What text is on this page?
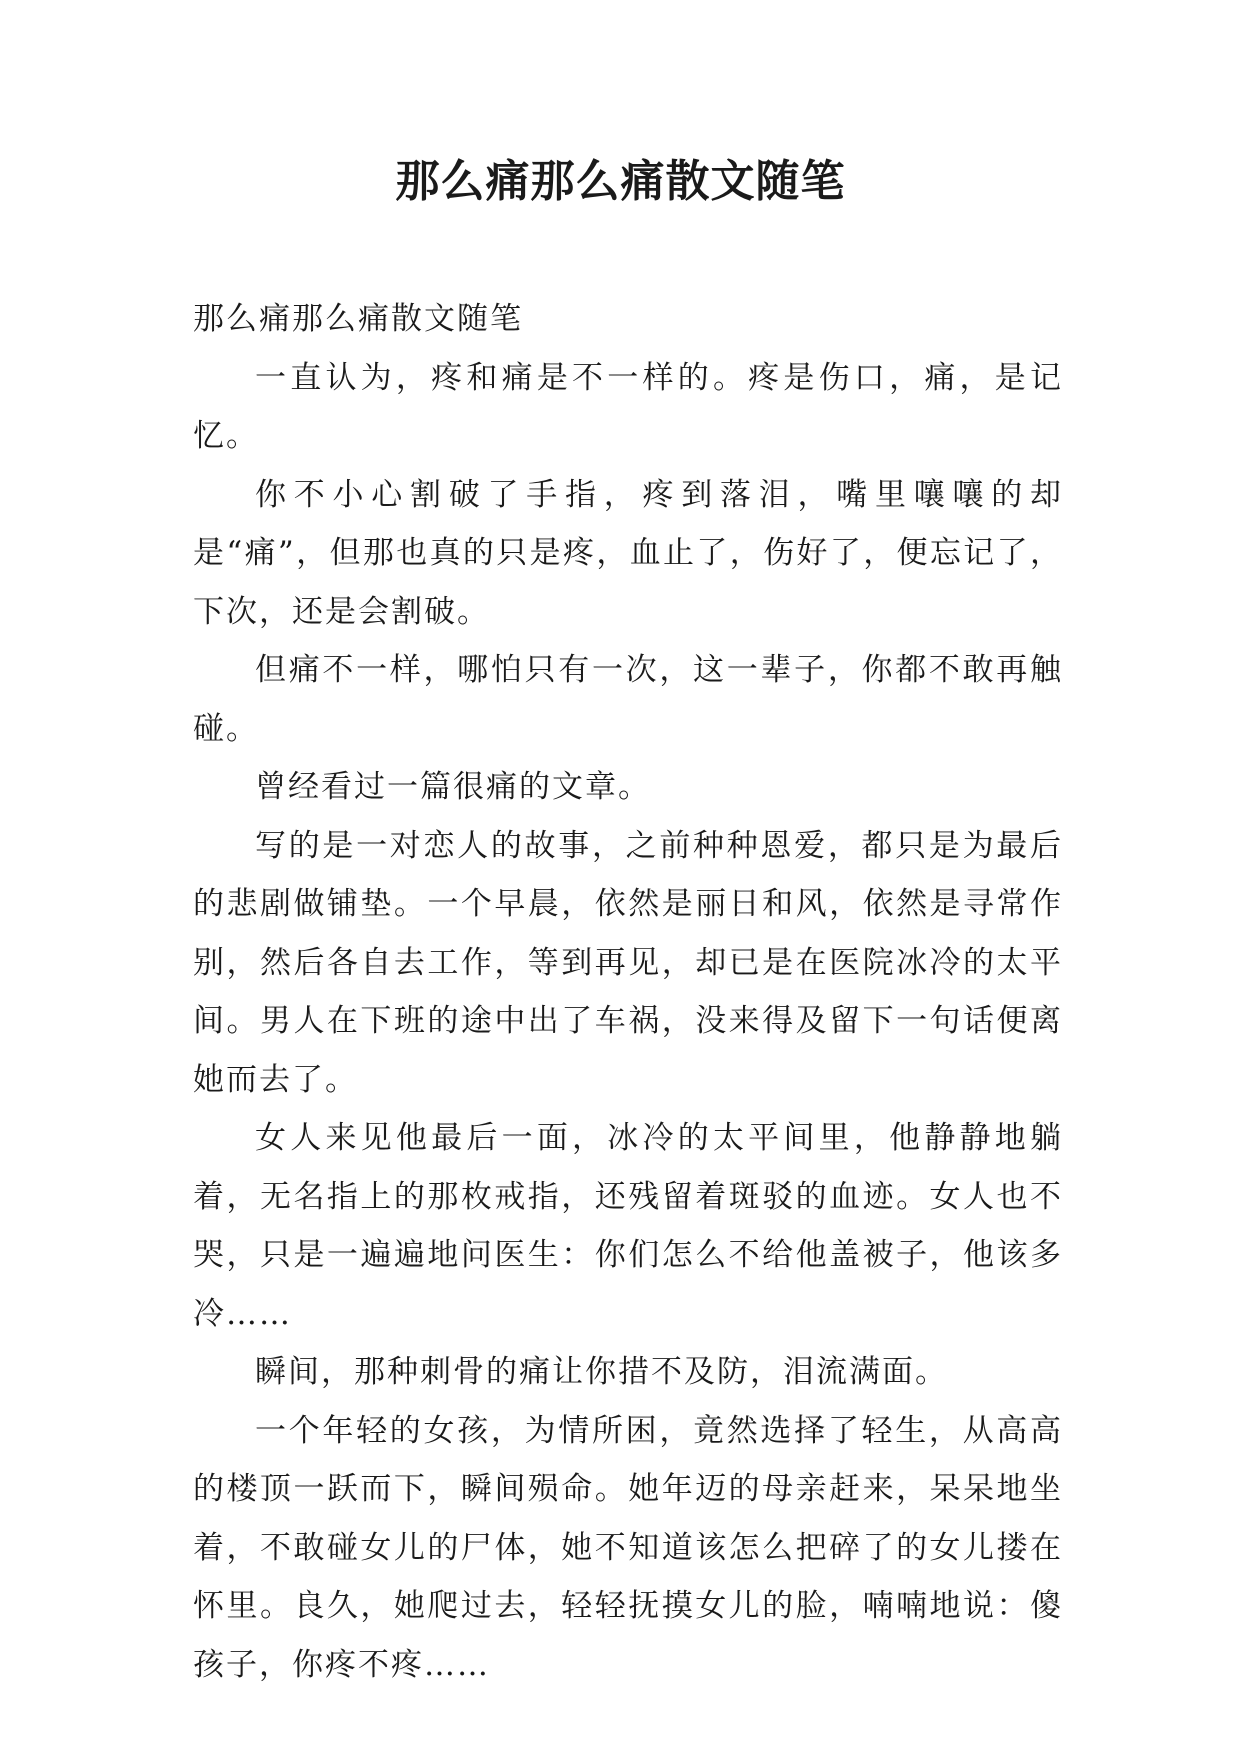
那么痛那么痛散文随笔

那么痛那么痛散文随笔

一直认为，疼和痛是不一样的。疼是伤口，痛，是记忆。

你不小心割破了手指，疼到落泪，嘴里嚷嚷的却是“痛”，但那也真的只是疼，血止了，伤好了，便忘记了，下次，还是会割破。

但痛不一样，哪怕只有一次，这一辈子，你都不敢再触碰。

曾经看过一篇很痛的文章。

写的是一对恋人的故事，之前种种恩爱，都只是为最后的悲剧做铺垫。一个早晨，依然是丽日和风，依然是寻常作别，然后各自去工作，等到再见，却已是在医院冰冷的太平间。男人在下班的途中出了车祸，没来得及留下一句话便离她而去了。

女人来见他最后一面，冰冷的太平间里，他静静地躺着，无名指上的那枚戒指，还残留着斑驳的血迹。女人也不哭，只是一遍遍地问医生：你们怎么不给他盖被子，他该多冷……

瞬间，那种刺骨的痛让你措不及防，泪流满面。

一个年轻的女孩，为情所困，竟然选择了轻生，从高高的楼顶一跃而下，瞬间殒命。她年迈的母亲赶来，呆呆地坐着，不敢碰女儿的尸体，她不知道该怎么把碎了的女儿搂在怀里。良久，她爬过去，轻轻抚摸女儿的脸，喃喃地说：傻孩子，你疼不疼……
